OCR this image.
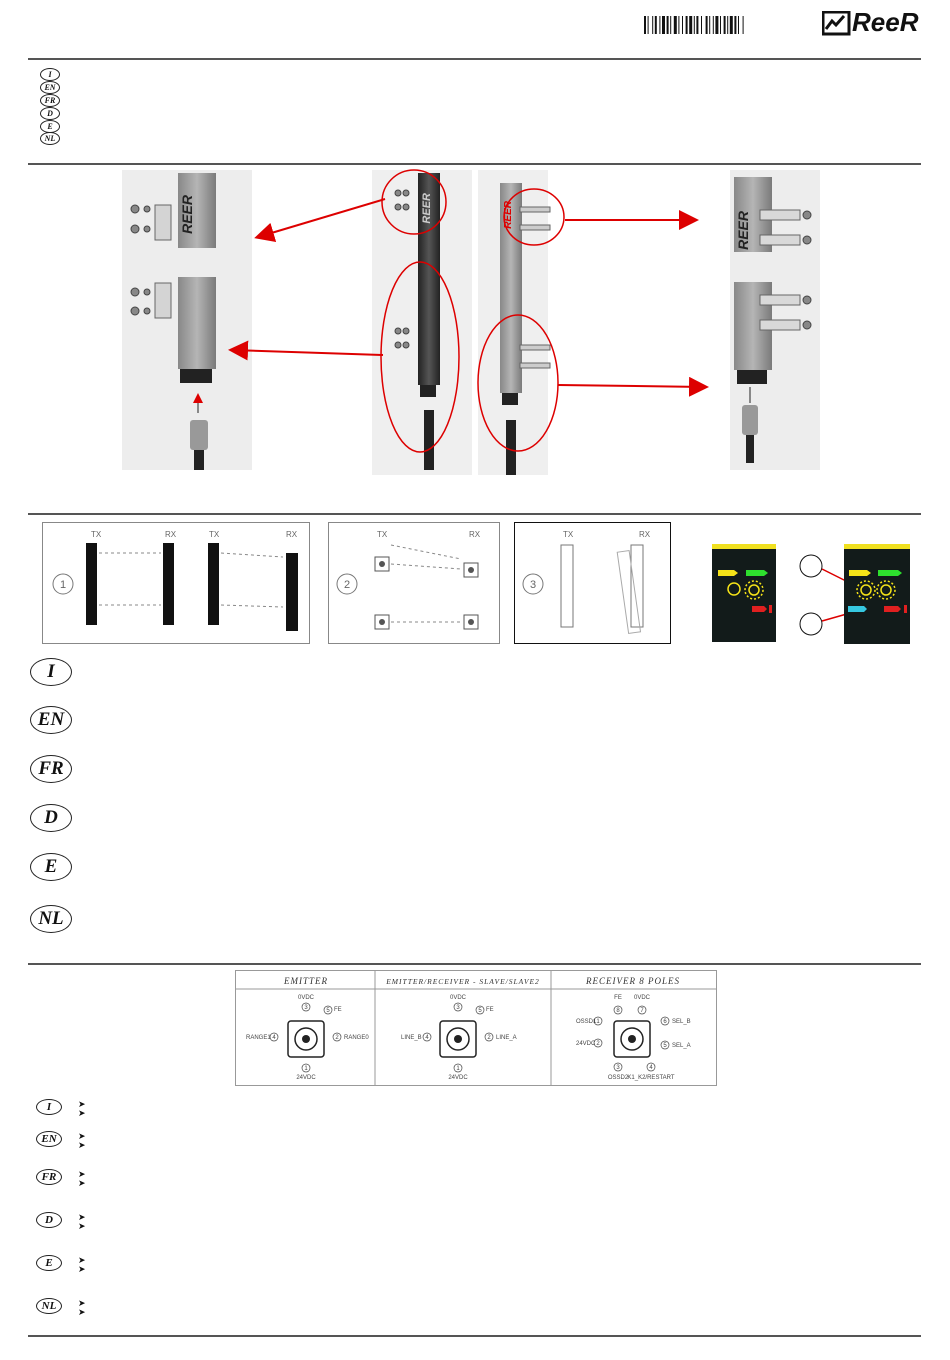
ReeR
I
EN
FR
D
E
NL
REER	REER	REER	REER
1
TX	RX	TX	RX
2
TX	RX
3
TX	RX
I
EN
FR
D
E
NL
EMITTER	EMITTER/RECEIVER - SLAVE/SLAVE2	RECEIVER 8 POLES
0VDC
3	5 FE
RANGE1 4	2 RANGE0
1
24VDC
0VDC
3	5 FE
LINE_B 4	2 LINE_A
1
24VDC
FE
8
0VDC
7
OSSD1 1
24VDC 2
6 SEL_B
5 SEL_A
3
OSSD2
4
K1_K2/RESTART
I	➤
➤
EN	➤
➤
FR	➤
➤
D	➤
➤
E	➤
➤
NL	➤
➤
